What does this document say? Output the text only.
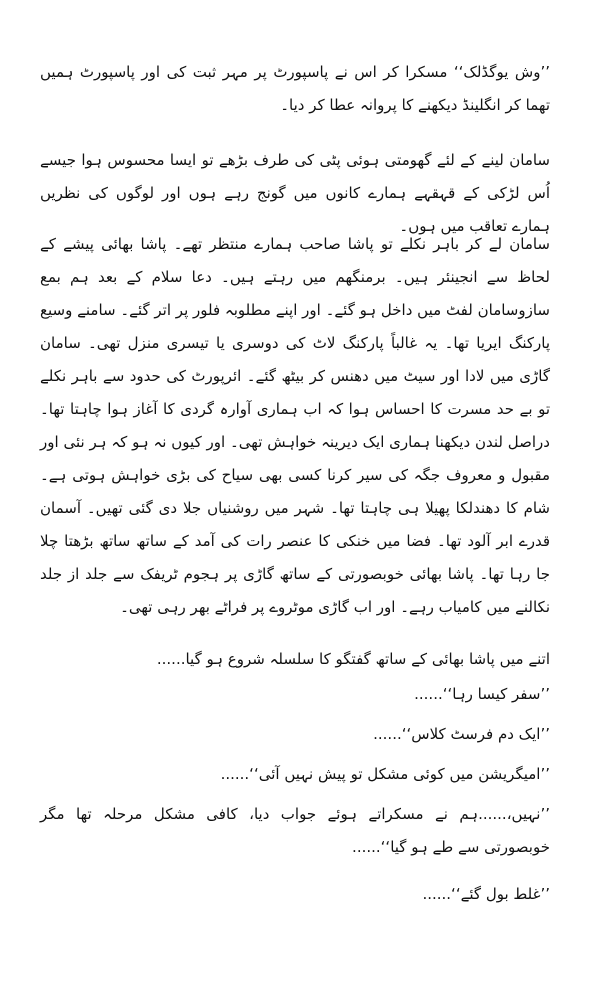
’’وش یوگڈلک‘‘ مسکرا کر اس نے پاسپورٹ پر مہر ثبت کی اور پاسپورٹ ہمیں تھما کر انگلینڈ دیکھنے کا پروانہ عطا کر دیا۔

سامان لینے کے لئے گھومتی ہوئی پٹی کی طرف بڑھے تو ایسا محسوس ہوا جیسے اُس لڑکی کے قہقہے ہمارے کانوں میں گونج رہے ہوں اور لوگوں کی نظریں ہمارے تعاقب میں ہوں۔

سامان لے کر باہر نکلے تو پاشا صاحب ہمارے منتظر تھے۔ پاشا بھائی پیشے کے لحاظ سے انجینئر ہیں۔ برمنگھم میں رہتے ہیں۔ دعا سلام کے بعد ہم بمع سازوسامان لفٹ میں داخل ہو گئے۔ اور اپنے مطلوبہ فلور پر اتر گئے۔ سامنے وسیع پارکنگ ایریا تھا۔ یہ غالباً پارکنگ لاٹ کی دوسری یا تیسری منزل تھی۔ سامان گاڑی میں لادا اور سیٹ میں دھنس کر بیٹھ گئے۔ ائرپورٹ کی حدود سے باہر نکلے تو بے حد مسرت کا احساس ہوا کہ اب ہماری آوارہ گردی کا آغاز ہوا چاہتا تھا۔ دراصل لندن دیکھنا ہماری ایک دیرینہ خواہش تھی۔ اور کیوں نہ ہو کہ ہر نئی اور مقبول و معروف جگہ کی سیر کرنا کسی بھی سیاح کی بڑی خواہش ہوتی ہے۔ شام کا دھندلکا پھیلا ہی چاہتا تھا۔ شہر میں روشنیاں جلا دی گئی تھیں۔ آسمان قدرے ابر آلود تھا۔ فضا میں خنکی کا عنصر رات کی آمد کے ساتھ ساتھ بڑھتا چلا جا رہا تھا۔ پاشا بھائی خوبصورتی کے ساتھ گاڑی پر ہجوم ٹریفک سے جلد از جلد نکالنے میں کامیاب رہے۔ اور اب گاڑی موٹروے پر فراٹے بھر رہی تھی۔

اتنے میں پاشا بھائی کے ساتھ گفتگو کا سلسلہ شروع ہو گیا......

’’سفر کیسا رہا‘‘......

’’ایک دم فرسٹ کلاس‘‘......

’’امیگریشن میں کوئی مشکل تو پیش نہیں آئی‘‘......

’’نہیں،......ہم نے مسکراتے ہوئے جواب دیا، کافی مشکل مرحلہ تھا مگر خوبصورتی سے طے ہو گیا‘‘......

’’غلط بول گئے‘‘......
